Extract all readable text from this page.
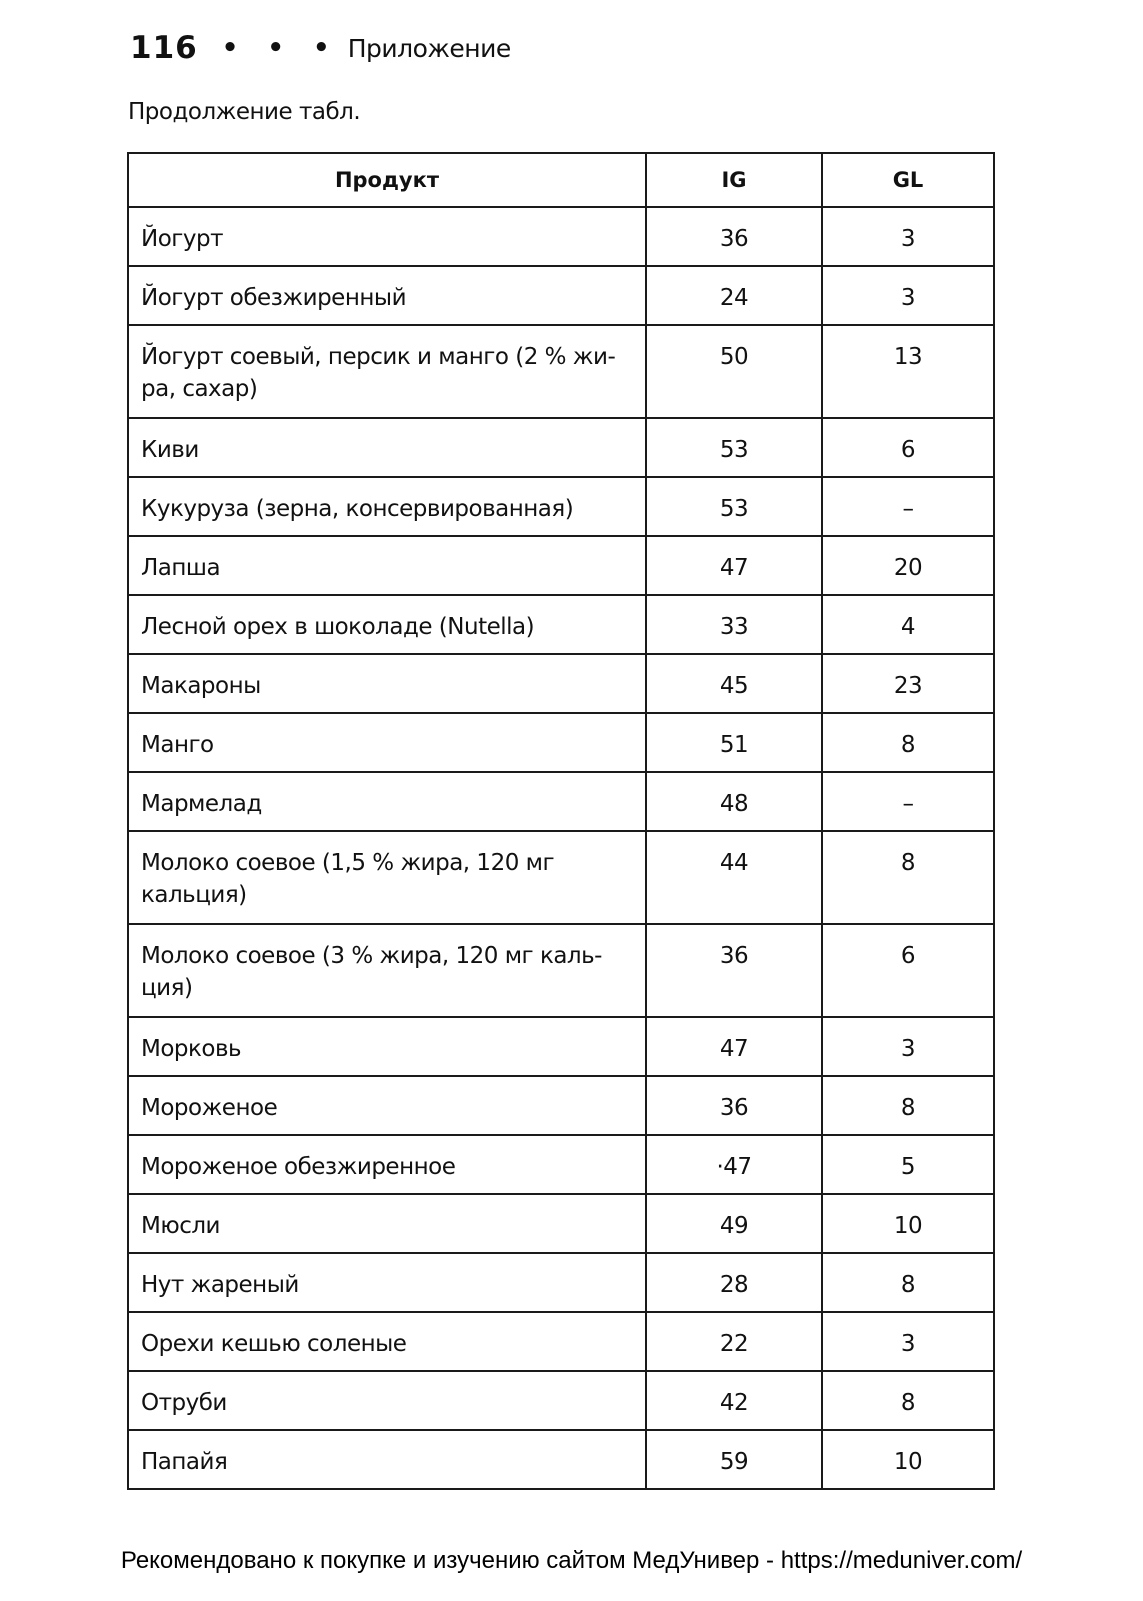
116 • • • Приложение
Продолжение табл.
Продукт	IG	GL
Йогурт	36	3
Йогурт обезжиренный	24	3
Йогурт соевый, персик и манго (2 % жи-ра, сахар)	50	13
Киви	53	6
Кукуруза (зерна, консервированная)	53	–
Лапша	47	20
Лесной орех в шоколаде (Nutella)	33	4
Макароны	45	23
Манго	51	8
Мармелад	48	–
Молоко соевое (1,5 % жира, 120 мг кальция)	44	8
Молоко соевое (3 % жира, 120 мг каль-ция)	36	6
Морковь	47	3
Мороженое	36	8
Мороженое обезжиренное	·47	5
Мюсли	49	10
Нут жареный	28	8
Орехи кешью соленые	22	3
Отруби	42	8
Папайя	59	10
Рекомендовано к покупке и изучению сайтом МедУнивер - https://meduniver.com/
